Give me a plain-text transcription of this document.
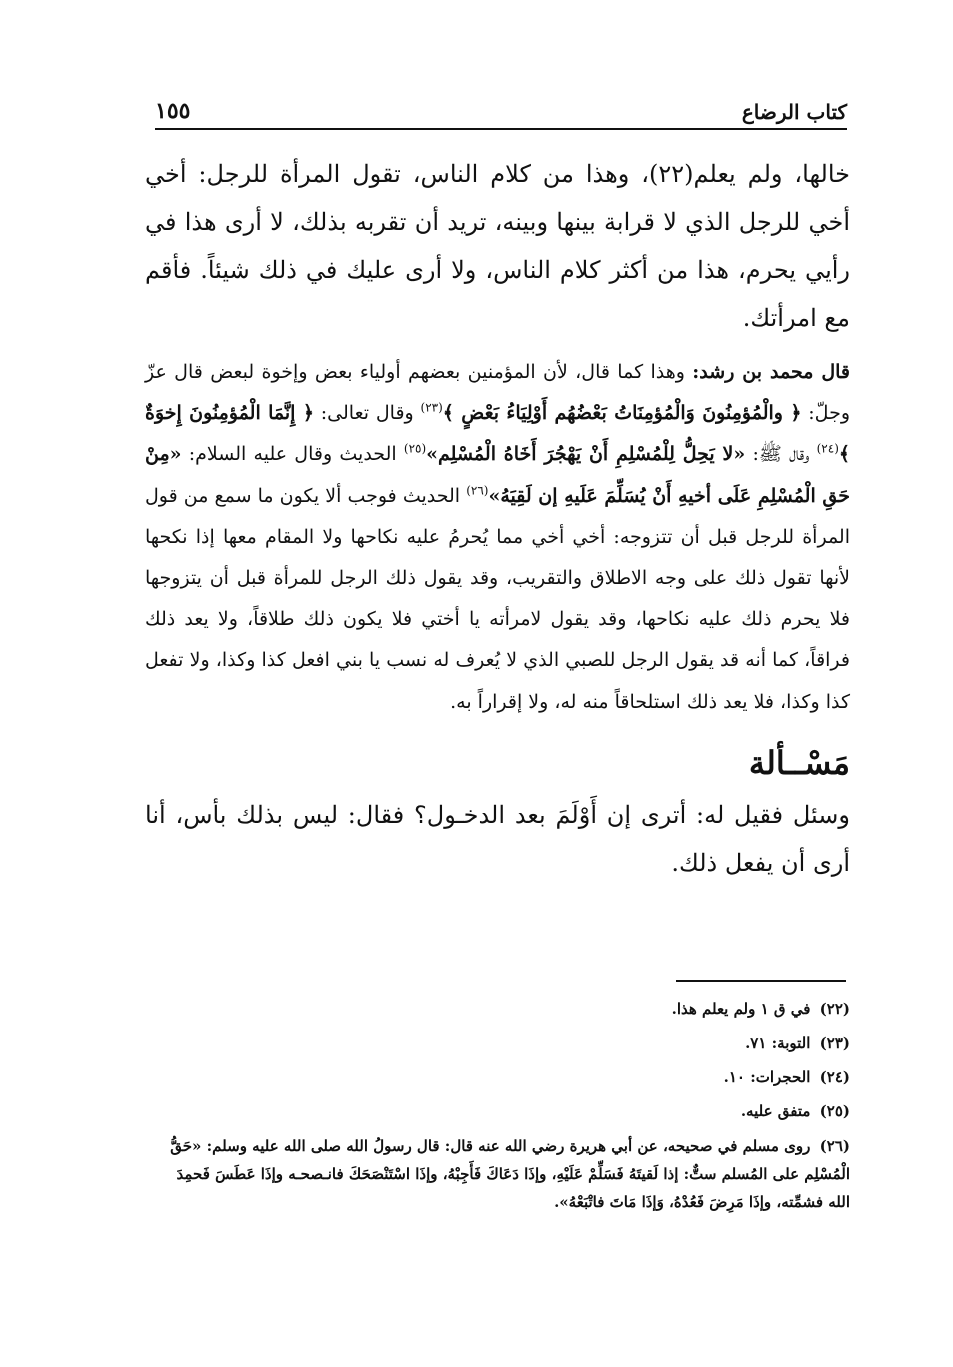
كتاب الرضاع
١٥٥

خالها، ولم يعلم(٢٢)، وهذا من كلام الناس، تقول المرأة للرجل: أخي أخي للرجل الذي لا قرابة بينها وبينه، تريد أن تقربه بذلك، لا أرى هذا في رأيي يحرم، هذا من أكثر كلام الناس، ولا أرى عليك في ذلك شيئاً. فأقم مع امرأتك.

قال محمد بن رشد: وهذا كما قال، لأن المؤمنين بعضهم أولياء بعض وإخوة لبعض قال عزّ وجلّ: ﴿ والْمُؤمِنُونَ وَالْمُؤمِنَاتُ بَعْضُهُم أَوْلِيَاءُ بَعْضٍ ﴾$^{(٢٣)}$ وقال تعالى: ﴿ إِنَّمَا الْمُؤمِنُونَ إِخوَةٌ ﴾$^{(٢٤)}$ وقال ﷺ: «لا يَحِلُّ لِلْمُسْلِمِ أَنْ يَهْجُرَ أَخَاهُ الْمُسْلِم»$^{(٢٥)}$ الحديث وقال عليه السلام: «مِنْ حَقِ الْمُسْلِمِ عَلَى أخيهِ أَنْ يُسَلِّمَ عَلَيهِ إن لَقِيَهُ»$^{(٢٦)}$ الحديث فوجب ألا يكون ما سمع من قول المرأة للرجل قبل أن تتزوجه: أخي أخي مما يُحرمُ عليه نكاحها ولا المقام معها إذا نكحها لأنها تقول ذلك على وجه الاطلاق والتقريب، وقد يقول ذلك الرجل للمرأة قبل أن يتزوجها فلا يحرم ذلك عليه نكاحها، وقد يقول لامرأته يا أختي فلا يكون ذلك طلاقاً، ولا يعد ذلك فراقاً، كما أنه قد يقول الرجل للصبي الذي لا يُعرف له نسب يا بني افعل كذا وكذا، ولا تفعل كذا وكذا، فلا يعد ذلك استلحاقاً منه له، ولا إقراراً به.

مَسْــألة

وسئل فقيل له: أترى إن أَوْلَمَ بعد الدخـول؟ فقال: ليس بذلك بأس، أنا أرى أن يفعل ذلك.

(٢٢) في ق ١ ولم يعلم هذا.

(٢٣) التوبة: ٧١.

(٢٤) الحجرات: ١٠.

(٢٥) متفق عليه.

(٢٦) روى مسلم في صحيحه، عن أبي هريرة رضي الله عنه قال: قال رسولُ الله صلى الله عليه وسلم: «حَقُّ الْمُسْلِم على المُسلم ستٌّ: إذا لَقيتَهُ فَسَلِّمْ عَلَيْهِ، وإذَا دَعَاكَ فَأَجِبْهُ، وإذَا اسْتَنْصَحَكَ فانـصحـه وإذَا عَطَسَ فَحمِدَ الله فشمِّته، وإذَا مَرِضَ فَعُدْهُ، وَإذَا مَاتَ فاتْبَعْهُ».
